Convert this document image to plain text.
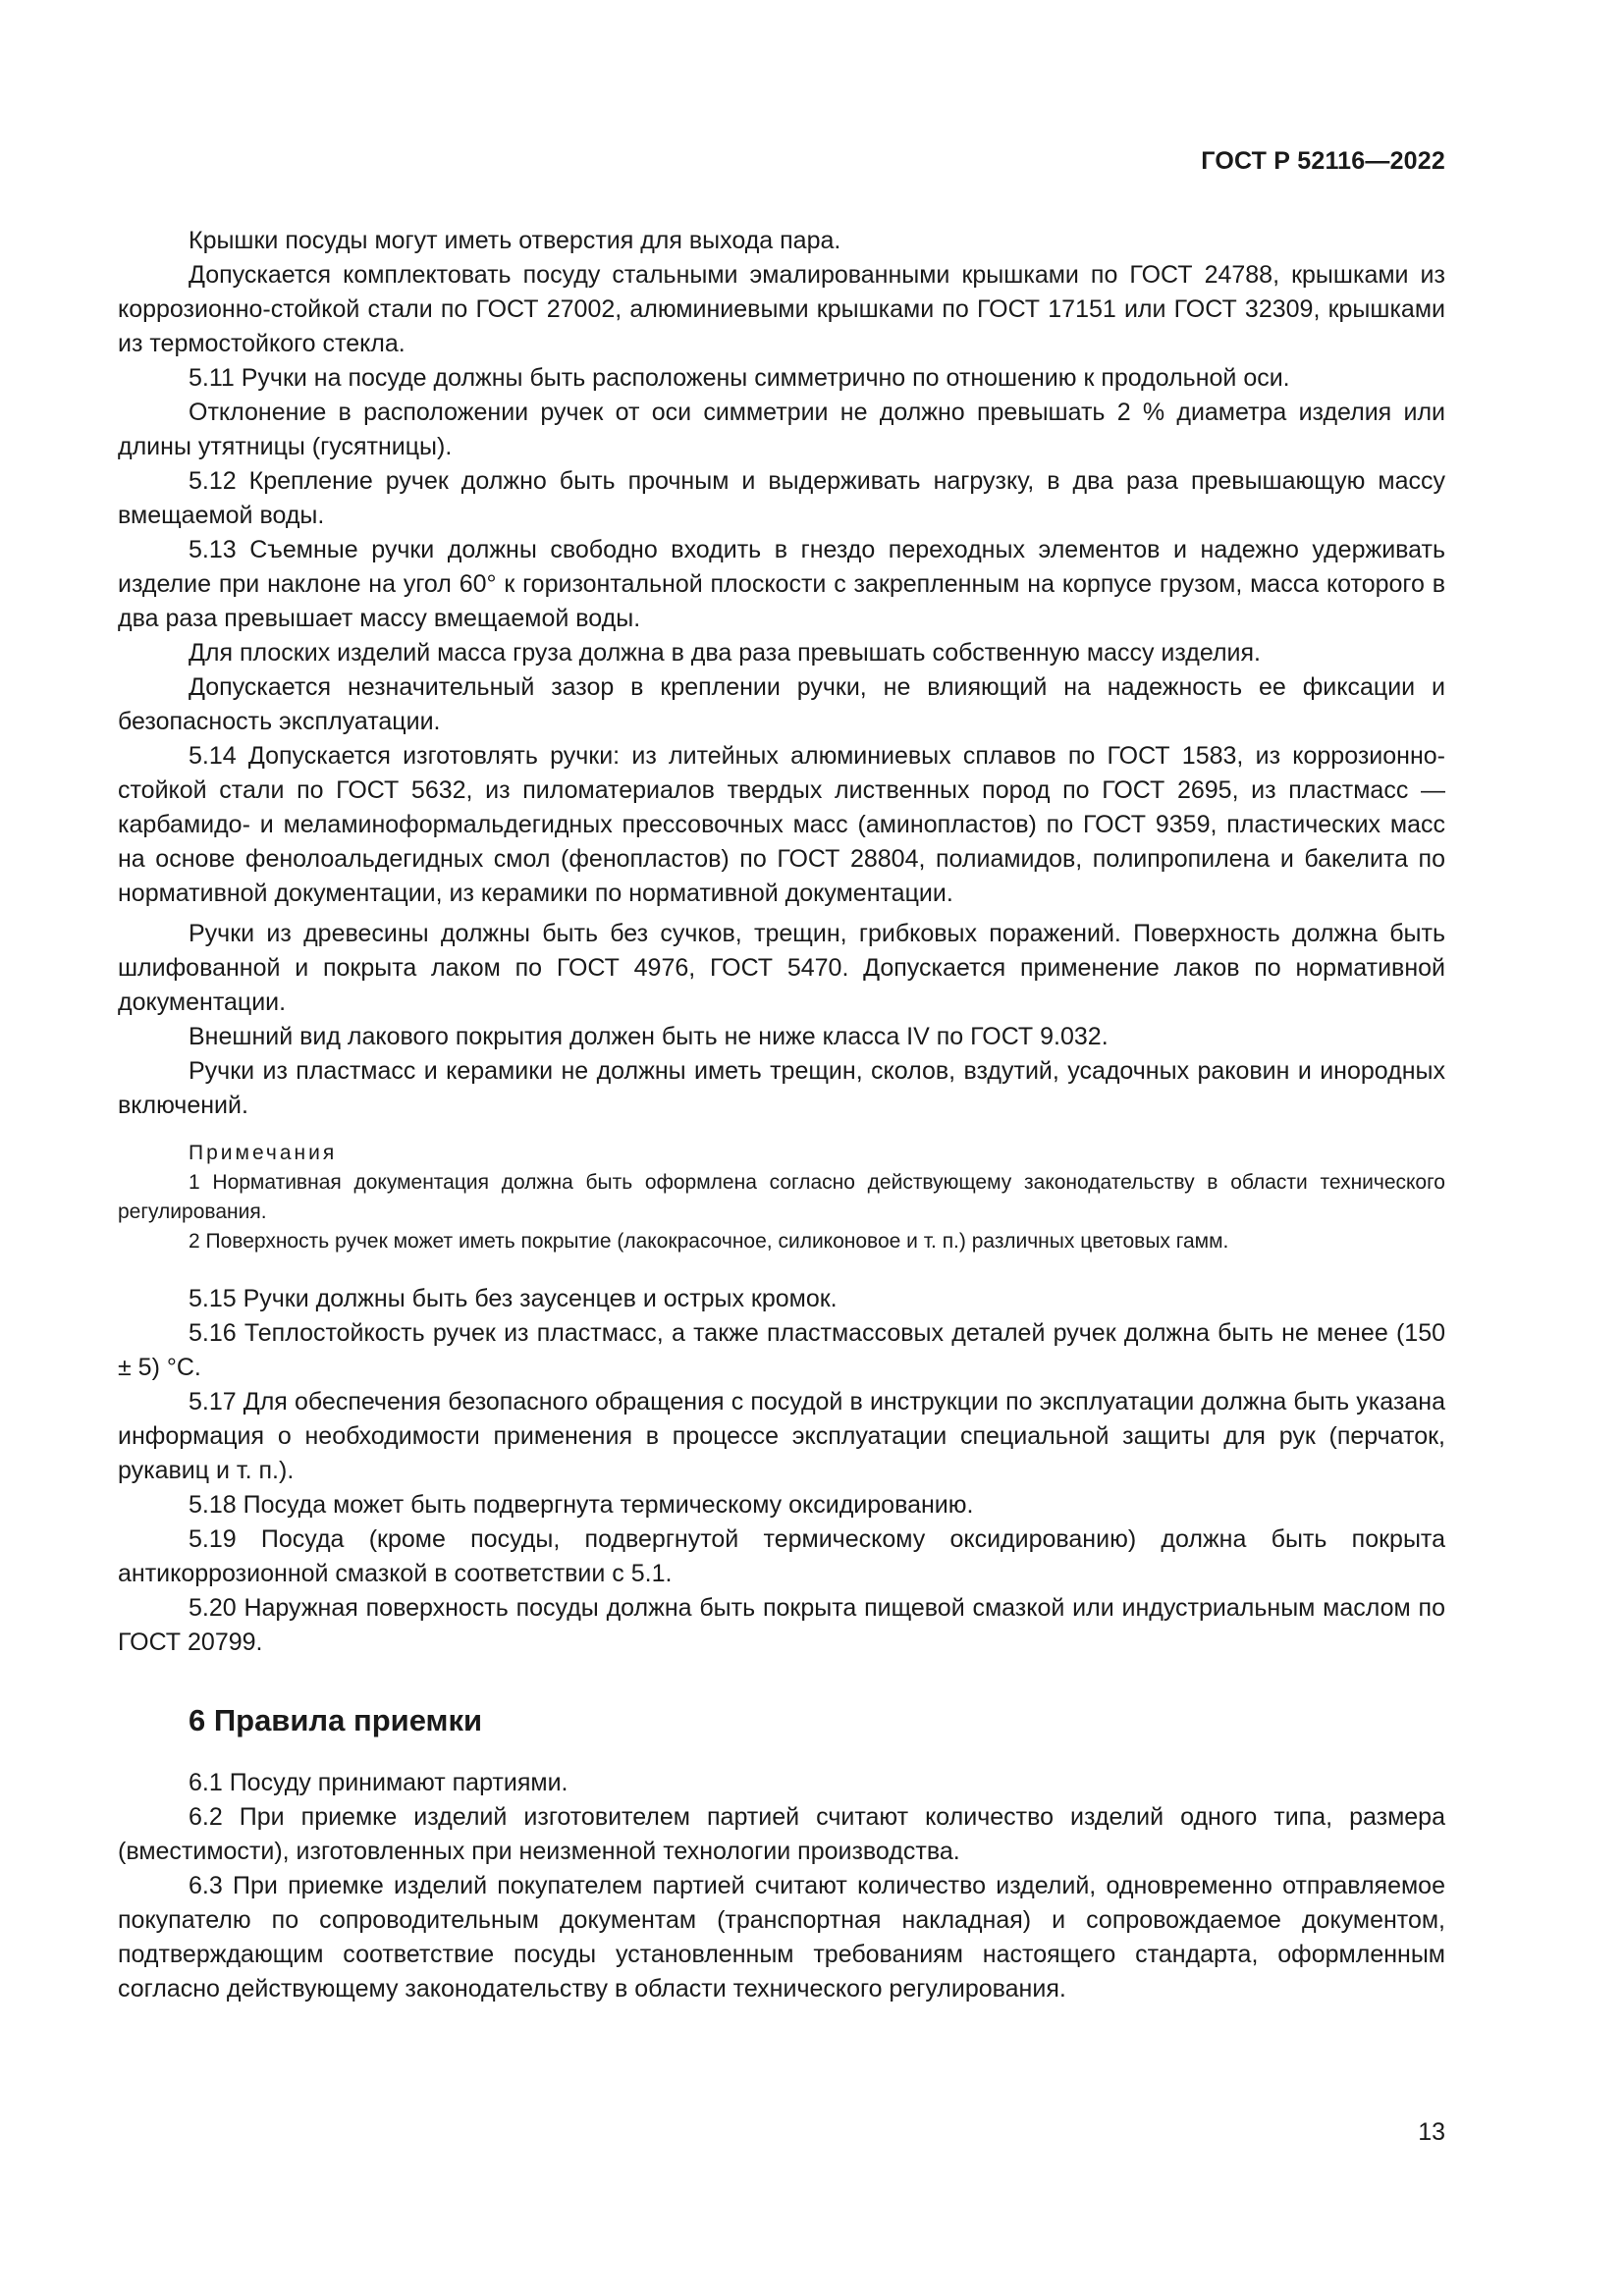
ГОСТ Р 52116—2022

Крышки посуды могут иметь отверстия для выхода пара.

Допускается комплектовать посуду стальными эмалированными крышками по ГОСТ 24788, крышками из коррозионно-стойкой стали по ГОСТ 27002, алюминиевыми крышками по ГОСТ 17151 или ГОСТ 32309, крышками из термостойкого стекла.

5.11 Ручки на посуде должны быть расположены симметрично по отношению к продольной оси.

Отклонение в расположении ручек от оси симметрии не должно превышать 2 % диаметра изделия или длины утятницы (гусятницы).

5.12 Крепление ручек должно быть прочным и выдерживать нагрузку, в два раза превышающую массу вмещаемой воды.

5.13 Съемные ручки должны свободно входить в гнездо переходных элементов и надежно удерживать изделие при наклоне на угол 60° к горизонтальной плоскости с закрепленным на корпусе грузом, масса которого в два раза превышает массу вмещаемой воды.

Для плоских изделий масса груза должна в два раза превышать собственную массу изделия.

Допускается незначительный зазор в креплении ручки, не влияющий на надежность ее фиксации и безопасность эксплуатации.

5.14 Допускается изготовлять ручки: из литейных алюминиевых сплавов по ГОСТ 1583, из коррозионно-стойкой стали по ГОСТ 5632, из пиломатериалов твердых лиственных пород по ГОСТ 2695, из пластмасс — карбамидо- и меламиноформальдегидных прессовочных масс (аминопластов) по ГОСТ 9359, пластических масс на основе фенолоальдегидных смол (фенопластов) по ГОСТ 28804, полиамидов, полипропилена и бакелита по нормативной документации, из керамики по нормативной документации.

Ручки из древесины должны быть без сучков, трещин, грибковых поражений. Поверхность должна быть шлифованной и покрыта лаком по ГОСТ 4976, ГОСТ 5470. Допускается применение лаков по нормативной документации.

Внешний вид лакового покрытия должен быть не ниже класса IV по ГОСТ 9.032.

Ручки из пластмасс и керамики не должны иметь трещин, сколов, вздутий, усадочных раковин и инородных включений.

Примечания

1 Нормативная документация должна быть оформлена согласно действующему законодательству в области технического регулирования.

2 Поверхность ручек может иметь покрытие (лакокрасочное, силиконовое и т. п.) различных цветовых гамм.

5.15 Ручки должны быть без заусенцев и острых кромок.

5.16 Теплостойкость ручек из пластмасс, а также пластмассовых деталей ручек должна быть не менее (150 ± 5) °С.

5.17 Для обеспечения безопасного обращения с посудой в инструкции по эксплуатации должна быть указана информация о необходимости применения в процессе эксплуатации специальной защиты для рук (перчаток, рукавиц и т. п.).

5.18 Посуда может быть подвергнута термическому оксидированию.

5.19 Посуда (кроме посуды, подвергнутой термическому оксидированию) должна быть покрыта антикоррозионной смазкой в соответствии с 5.1.

5.20 Наружная поверхность посуды должна быть покрыта пищевой смазкой или индустриальным маслом по ГОСТ 20799.

6 Правила приемки

6.1 Посуду принимают партиями.

6.2 При приемке изделий изготовителем партией считают количество изделий одного типа, размера (вместимости), изготовленных при неизменной технологии производства.

6.3 При приемке изделий покупателем партией считают количество изделий, одновременно отправляемое покупателю по сопроводительным документам (транспортная накладная) и сопровождаемое документом, подтверждающим соответствие посуды установленным требованиям настоящего стандарта, оформленным согласно действующему законодательству в области технического регулирования.

13
